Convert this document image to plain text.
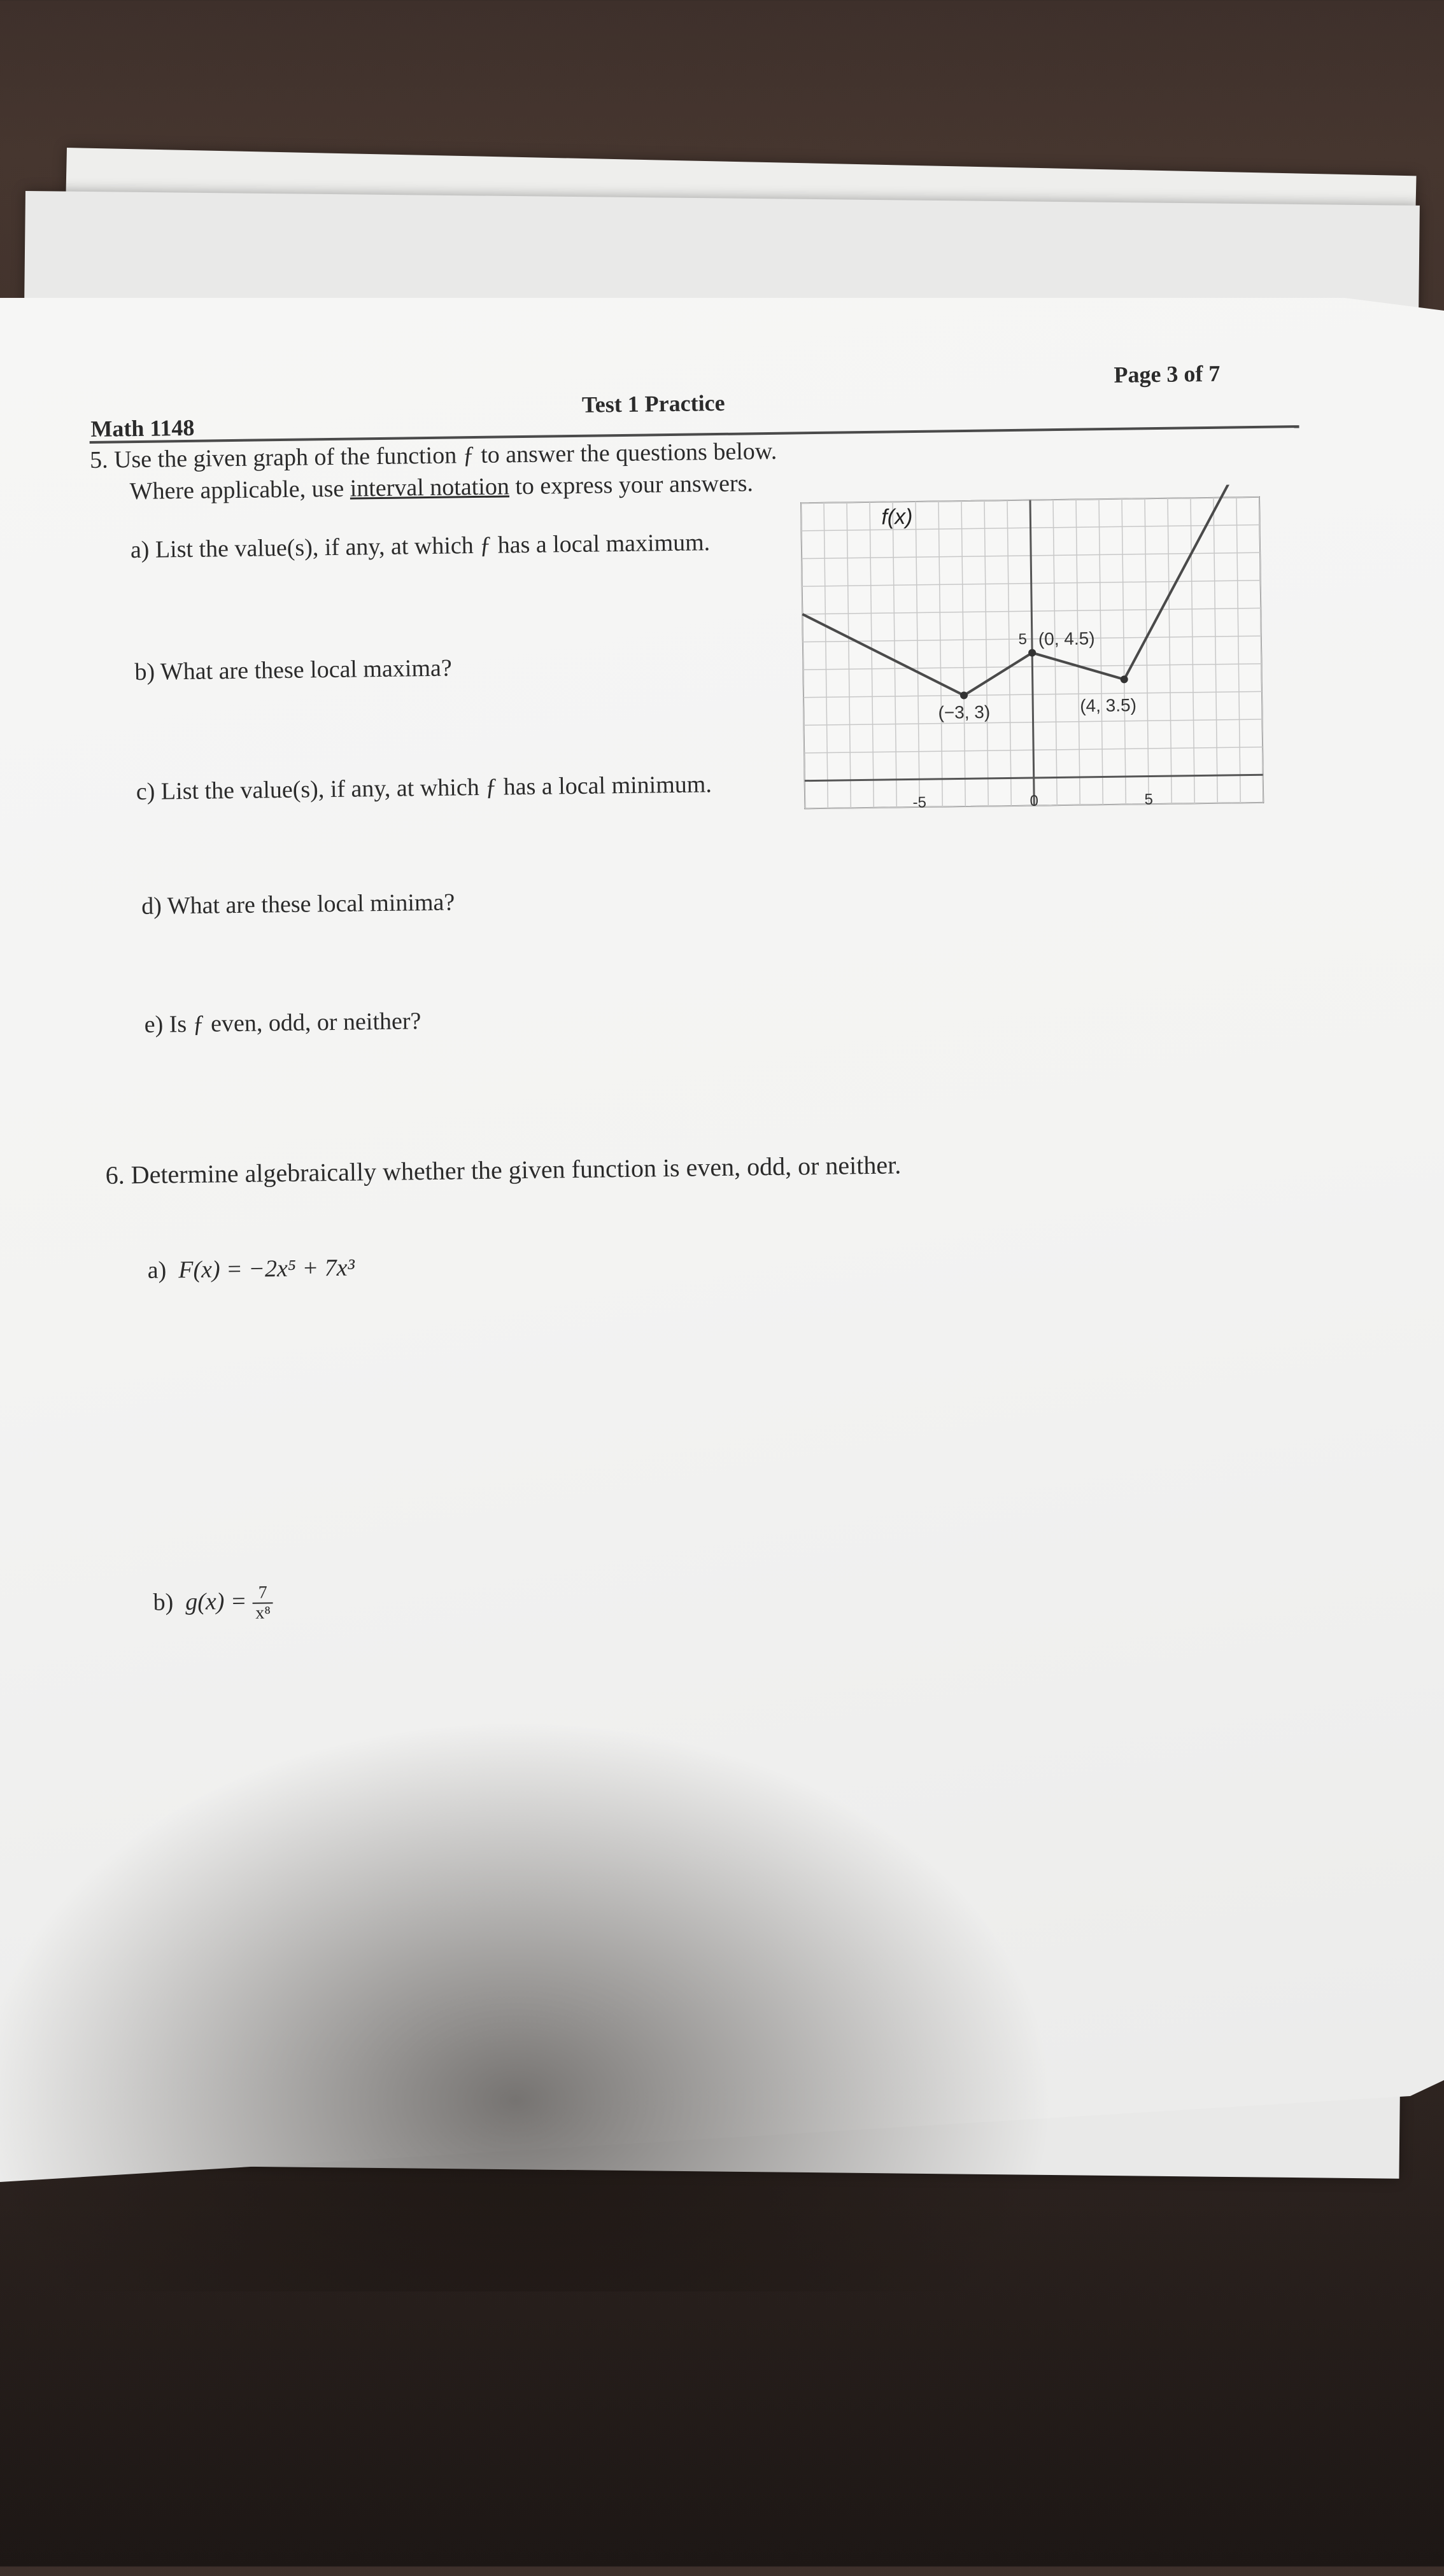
Math 1148
Test 1 Practice
Page 3 of 7
5. Use the given graph of the function ƒ to answer the questions below.
Where applicable, use interval notation to express your answers.
a) List the value(s), if any, at which ƒ has a local maximum.
b) What are these local maxima?
c) List the value(s), if any, at which ƒ has a local minimum.
d) What are these local minima?
e) Is ƒ even, odd, or neither?
-5	0	5
5
f(x)
(−3, 3)
(0, 4.5)
(4, 3.5)
6. Determine algebraically whether the given function is even, odd, or neither.
a) F(x) = −2x⁵ + 7x³
b) $g(x) = \frac{7}{\text{x⁸}}$
